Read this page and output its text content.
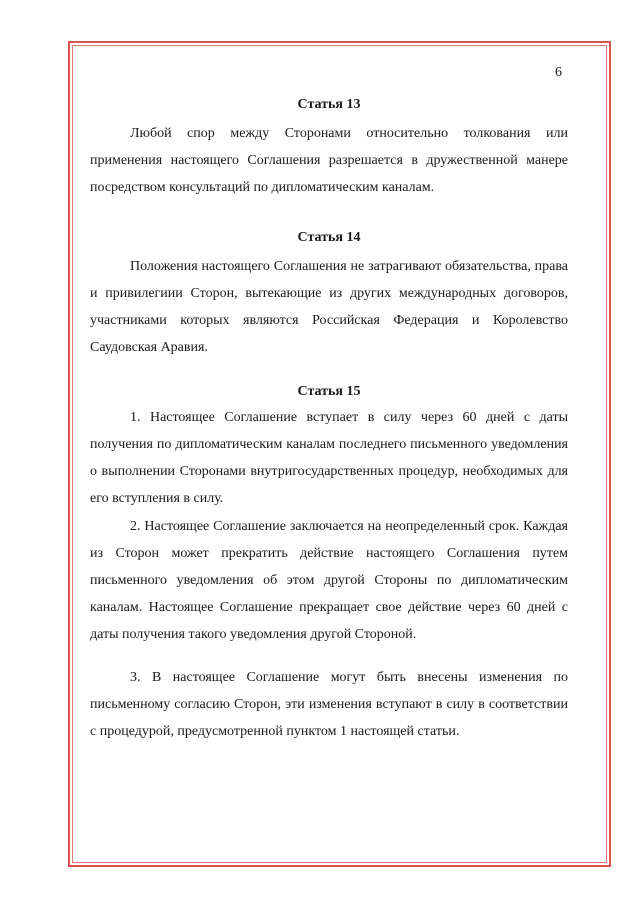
6
Статья 13

Любой спор между Сторонами относительно толкования или применения настоящего Соглашения разрешается в дружественной манере посредством консультаций по дипломатическим каналам.

Статья 14

Положения настоящего Соглашения не затрагивают обязательства, права и привилегиии Сторон, вытекающие из других международных договоров, участниками которых являются Российская Федерация и Королевство Саудовская Аравия.

Статья 15

1. Настоящее Соглашение вступает в силу через 60 дней с даты получения по дипломатическим каналам последнего письменного уведомления о выполнении Сторонами внутригосударственных процедур, необходимых для его вступления в силу.

2. Настоящее Соглашение заключается на неопределенный срок. Каждая из Сторон может прекратить действие настоящего Соглашения путем письменного уведомления об этом другой Стороны по дипломатическим каналам. Настоящее Соглашение прекращает свое действие через 60 дней с даты получения такого уведомления другой Стороной.

3. В настоящее Соглашение могут быть внесены изменения по письменному согласию Сторон, эти изменения вступают в силу в соответствии с процедурой, предусмотренной пунктом 1 настоящей статьи.
